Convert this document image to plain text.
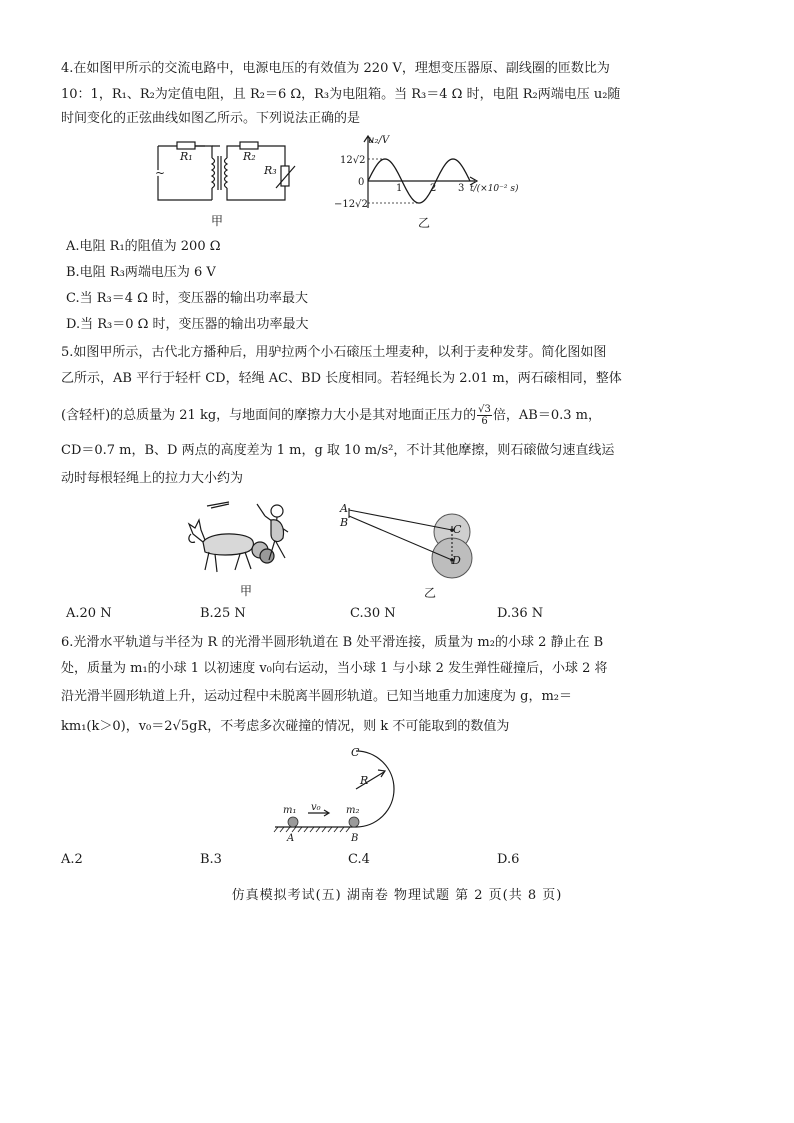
4.在如图甲所示的交流电路中，电源电压的有效值为 220 V，理想变压器原、副线圈的匝数比为
10：1，R₁、R₂为定值电阻，且 R₂＝6 Ω，R₃为电阻箱。当 R₃＝4 Ω 时，电阻 R₂两端电压 u₂随
时间变化的正弦曲线如图乙所示。下列说法正确的是
~
R₁	R₂
R₃
甲
u₂/V
12√2
0
−12√2
1	2 3 t/(×10⁻² s)
乙
A.电阻 R₁的阻值为 200 Ω
B.电阻 R₃两端电压为 6 V
C.当 R₃＝4 Ω 时，变压器的输出功率最大
D.当 R₃＝0 Ω 时，变压器的输出功率最大
5.如图甲所示，古代北方播种后，用驴拉两个小石磙压土埋麦种，以利于麦种发芽。简化图如图
乙所示，AB 平行于轻杆 CD，轻绳 AC、BD 长度相同。若轻绳长为 2.01 m，两石磙相同，整体
(含轻杆)的总质量为 21 kg，与地面间的摩擦力大小是其对地面正压力的 $\frac{√3}{6}$ 倍，AB＝0.3 m，
CD＝0.7 m，B、D 两点的高度差为 1 m，g 取 10 m/s²，不计其他摩擦，则石磙做匀速直线运
动时每根轻绳上的拉力大小约为
甲
A
B
C
D
乙
A.20 N	B.25 N	C.30 N	D.36 N
6.光滑水平轨道与半径为 R 的光滑半圆形轨道在 B 处平滑连接，质量为 m₂的小球 2 静止在 B
处，质量为 m₁的小球 1 以初速度 v₀向右运动，当小球 1 与小球 2 发生弹性碰撞后，小球 2 将
沿光滑半圆形轨道上升，运动过程中未脱离半圆形轨道。已知当地重力加速度为 g，m₂＝
km₁(k＞0)，v₀＝2√5gR，不考虑多次碰撞的情况，则 k 不可能取到的数值为
C
R
m₁ v₀	m₂
A	B
A.2	B.3	C.4	D.6
仿真模拟考试(五) 湖南卷 物理试题 第 2 页(共 8 页)
